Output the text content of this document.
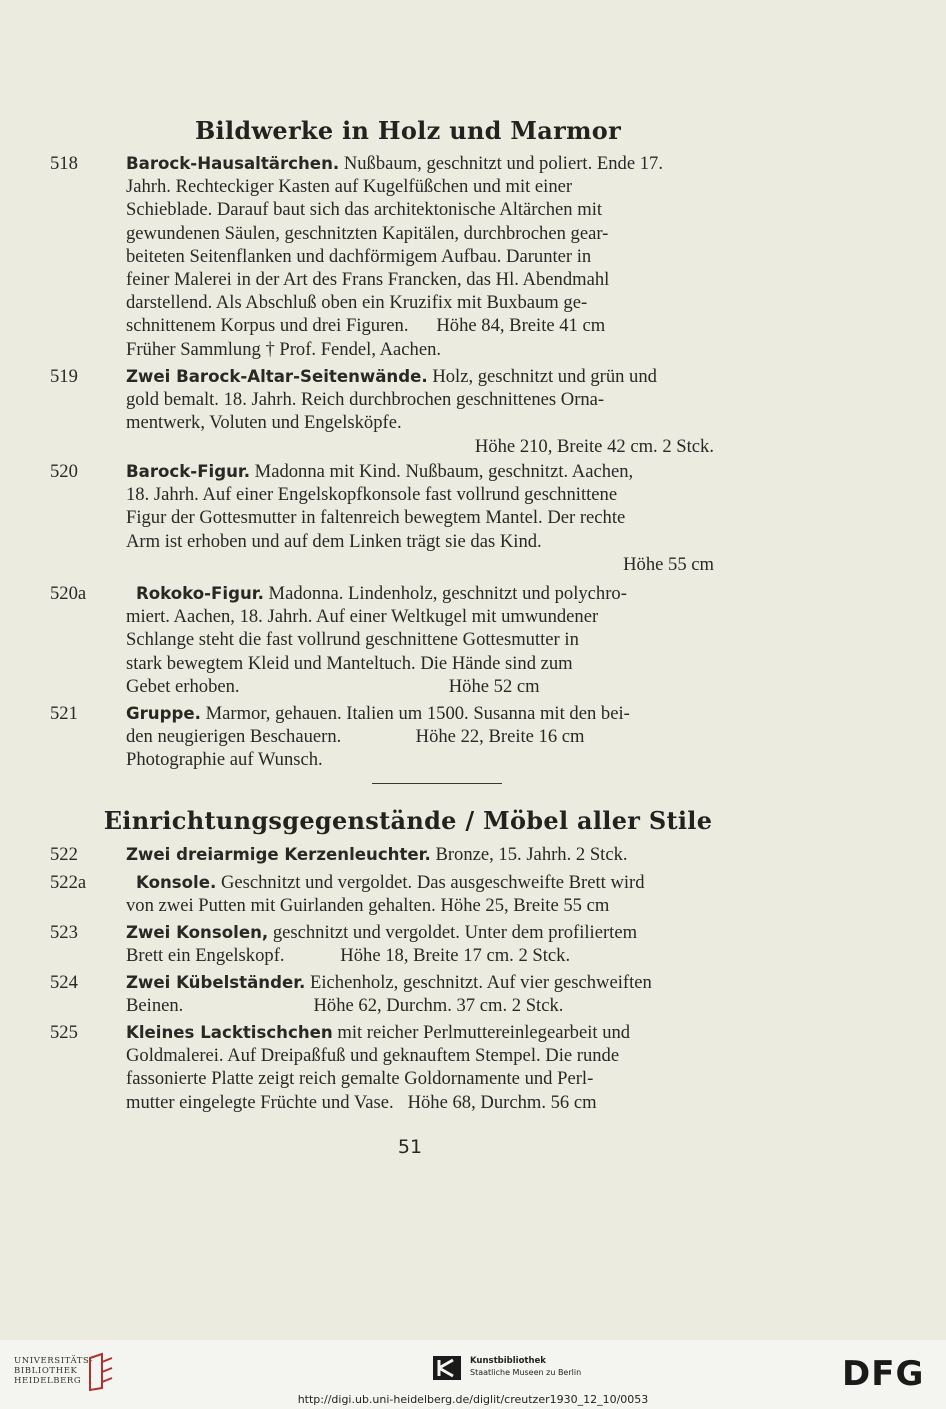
Bildwerke in Holz und Marmor
518	Barock-Hausaltärchen. Nußbaum, geschnitzt und poliert. Ende 17.
Jahrh. Rechteckiger Kasten auf Kugelfüßchen und mit einer
Schieblade. Darauf baut sich das architektonische Altärchen mit
gewundenen Säulen, geschnitzten Kapitälen, durchbrochen gear-
beiteten Seitenflanken und dachförmigem Aufbau. Darunter in
feiner Malerei in der Art des Frans Francken, das Hl. Abendmahl
darstellend. Als Abschluß oben ein Kruzifix mit Buxbaum ge-
schnittenem Korpus und drei Figuren.      Höhe 84, Breite 41 cm
Früher Sammlung † Prof. Fendel, Aachen.
519	Zwei Barock-Altar-Seitenwände. Holz, geschnitzt und grün und
gold bemalt. 18. Jahrh. Reich durchbrochen geschnittenes Orna-
mentwerk, Voluten und Engelsköpfe.
Höhe 210, Breite 42 cm. 2 Stck.
520	Barock-Figur. Madonna mit Kind. Nußbaum, geschnitzt. Aachen,
18. Jahrh. Auf einer Engelskopfkonsole fast vollrund geschnittene
Figur der Gottesmutter in faltenreich bewegtem Mantel. Der rechte
Arm ist erhoben und auf dem Linken trägt sie das Kind.
Höhe 55 cm
520a	Rokoko-Figur. Madonna. Lindenholz, geschnitzt und polychro-
miert. Aachen, 18. Jahrh. Auf einer Weltkugel mit umwundener
Schlange steht die fast vollrund geschnittene Gottesmutter in
stark bewegtem Kleid und Manteltuch. Die Hände sind zum
Gebet erhoben.                                             Höhe 52 cm
521	Gruppe. Marmor, gehauen. Italien um 1500. Susanna mit den bei-
den neugierigen Beschauern.                Höhe 22, Breite 16 cm
Photographie auf Wunsch.
Einrichtungsgegenstände / Möbel aller Stile
522	Zwei dreiarmige Kerzenleuchter. Bronze, 15. Jahrh. 2 Stck.
522a	Konsole. Geschnitzt und vergoldet. Das ausgeschweifte Brett wird
von zwei Putten mit Guirlanden gehalten. Höhe 25, Breite 55 cm
523	Zwei Konsolen, geschnitzt und vergoldet. Unter dem profiliertem
Brett ein Engelskopf.            Höhe 18, Breite 17 cm. 2 Stck.
524	Zwei Kübelständer. Eichenholz, geschnitzt. Auf vier geschweiften
Beinen.                            Höhe 62, Durchm. 37 cm. 2 Stck.
525	Kleines Lacktischchen mit reicher Perlmuttereinlegearbeit und
Goldmalerei. Auf Dreipaßfuß und geknauftem Stempel. Die runde
fassonierte Platte zeigt reich gemalte Goldornamente und Perl-
mutter eingelegte Früchte und Vase.   Höhe 68, Durchm. 56 cm
51
UNIVERSITÄTS-
BIBLIOTHEK
HEIDELBERG
Kunstbibliothek
Staatliche Museen zu Berlin	DFG
http://digi.ub.uni-heidelberg.de/diglit/creutzer1930_12_10/0053
